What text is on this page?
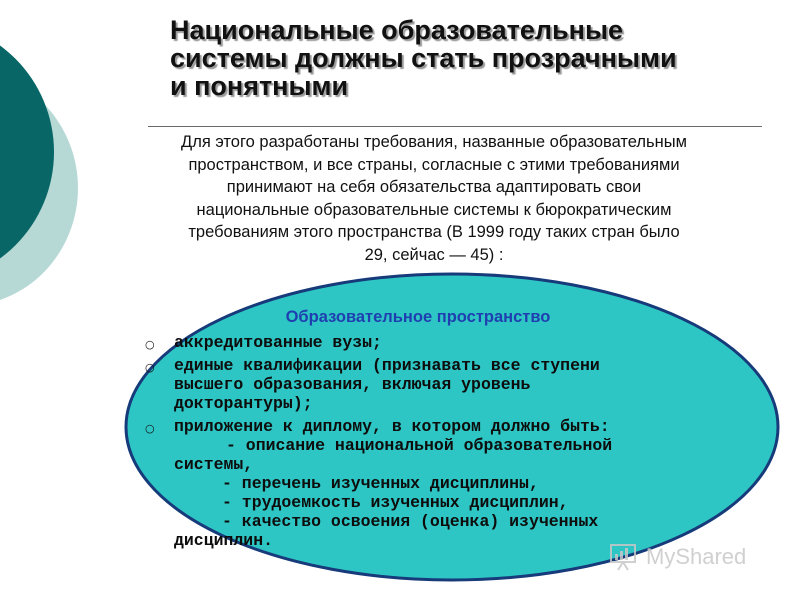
Национальные образовательные
системы должны стать прозрачными
и понятными

Для этого разработаны требования, названные образовательным
пространством, и все страны, согласные с этими требованиями
принимают на себя обязательства адаптировать свои
национальные образовательные системы к бюрократическим
требованиям этого пространства (В 1999 году таких стран было
29, сейчас — 45) :

Образовательное пространство
○ аккредитованные вузы;
○ единые квалификации (признавать все ступени
высшего образования, включая уровень
докторантуры);
○ приложение к диплому, в котором должно быть:
- описание национальной образовательной
системы,
- перечень изученных дисциплины,
- трудоемкость изученных дисциплин,
- качество освоения (оценка) изученных
дисциплин.
MyShared
